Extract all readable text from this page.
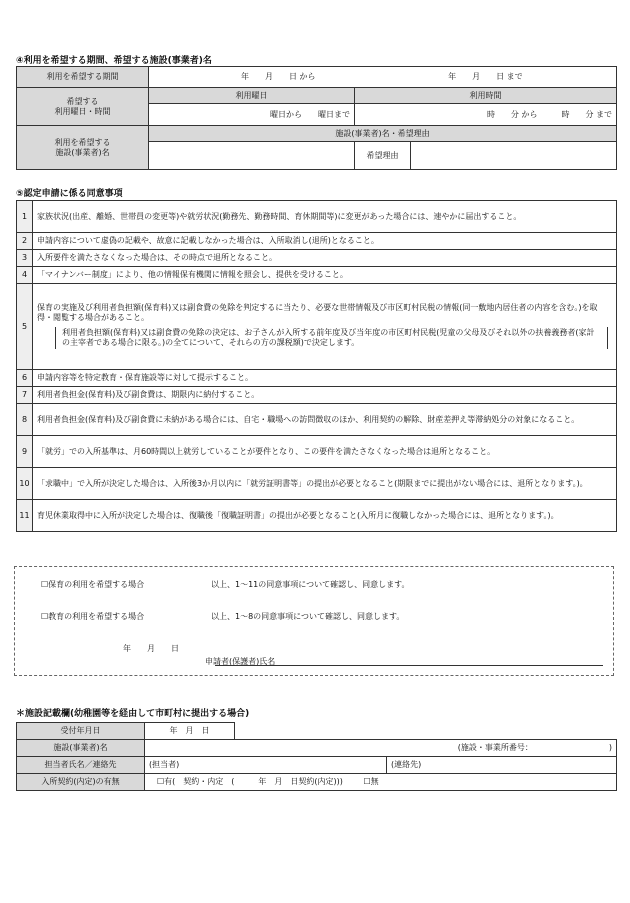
④利用を希望する期間、希望する施設(事業者)名
利用を希望する期間	年　　月　　日 から 年　　月　　日 まで		

希望する
利用曜日・時間	利用曜日	利用時間	
	曜日から　　曜日まで	時　　分 から　　　時　　分 まで	

利用を希望する
施設(事業者)名	施設(事業者)名・希望理由		
		希望理由	
⑤認定申請に係る同意事項
1	家族状況(出産、離婚、世帯員の変更等)や就労状況(勤務先、勤務時間、育休期間等)に変更があった場合には、速やかに届出すること。
2	申請内容について虚偽の記載や、故意に記載しなかった場合は、入所取消し(退所)となること。
3	入所要件を満たさなくなった場合は、その時点で退所となること。
4	「マイナンバー制度」により、他の情報保有機関に情報を照会し、提供を受けること。
5	保育の実施及び利用者負担額(保育料)又は副食費の免除を判定するに当たり、必要な世帯情報及び市区町村民税の情報(同一敷地内居住者の内容を含む。)を取得・閲覧する場合があること。
利用者負担額(保育料)又は副食費の免除の決定は、お子さんが入所する前年度及び当年度の市区町村民税(児童の父母及びそれ以外の扶養義務者(家計の主宰者である場合に限る。)の全てについて、それらの方の課税額)で決定します。

6	申請内容等を特定教育・保育施設等に対して提示すること。
7	利用者負担金(保育料)及び副食費は、期限内に納付すること。
8	利用者負担金(保育料)及び副食費に未納がある場合には、自宅・職場への訪問徴収のほか、利用契約の解除、財産差押え等滞納処分の対象になること。
9	「就労」での入所基準は、月60時間以上就労していることが要件となり、この要件を満たさなくなった場合は退所となること。
10	「求職中」で入所が決定した場合は、入所後3か月以内に「就労証明書等」の提出が必要となること(期限までに提出がない場合には、退所となります。)。
11	育児休業取得中に入所が決定した場合は、復職後「復職証明書」の提出が必要となること(入所月に復職しなかった場合には、退所となります。)。
☐保育の利用を希望する場合	以上、1〜11の同意事項について確認し、同意します。
☐教育の利用を希望する場合	以上、1〜8の同意事項について確認し、同意します。
年　　月　　日
申請者(保護者)氏名
＊施設記載欄(幼稚園等を経由して市町村に提出する場合)
受付年月日	年　月　日		
施設(事業者)名	(施設・事業所番号：　　　　　　　　　　)		
担当者氏名／連絡先	(担当者)		(連絡先)
入所契約(内定)の有無	☐有(　契約・内定　(　　　年　月　日契約(内定))) ☐無		
